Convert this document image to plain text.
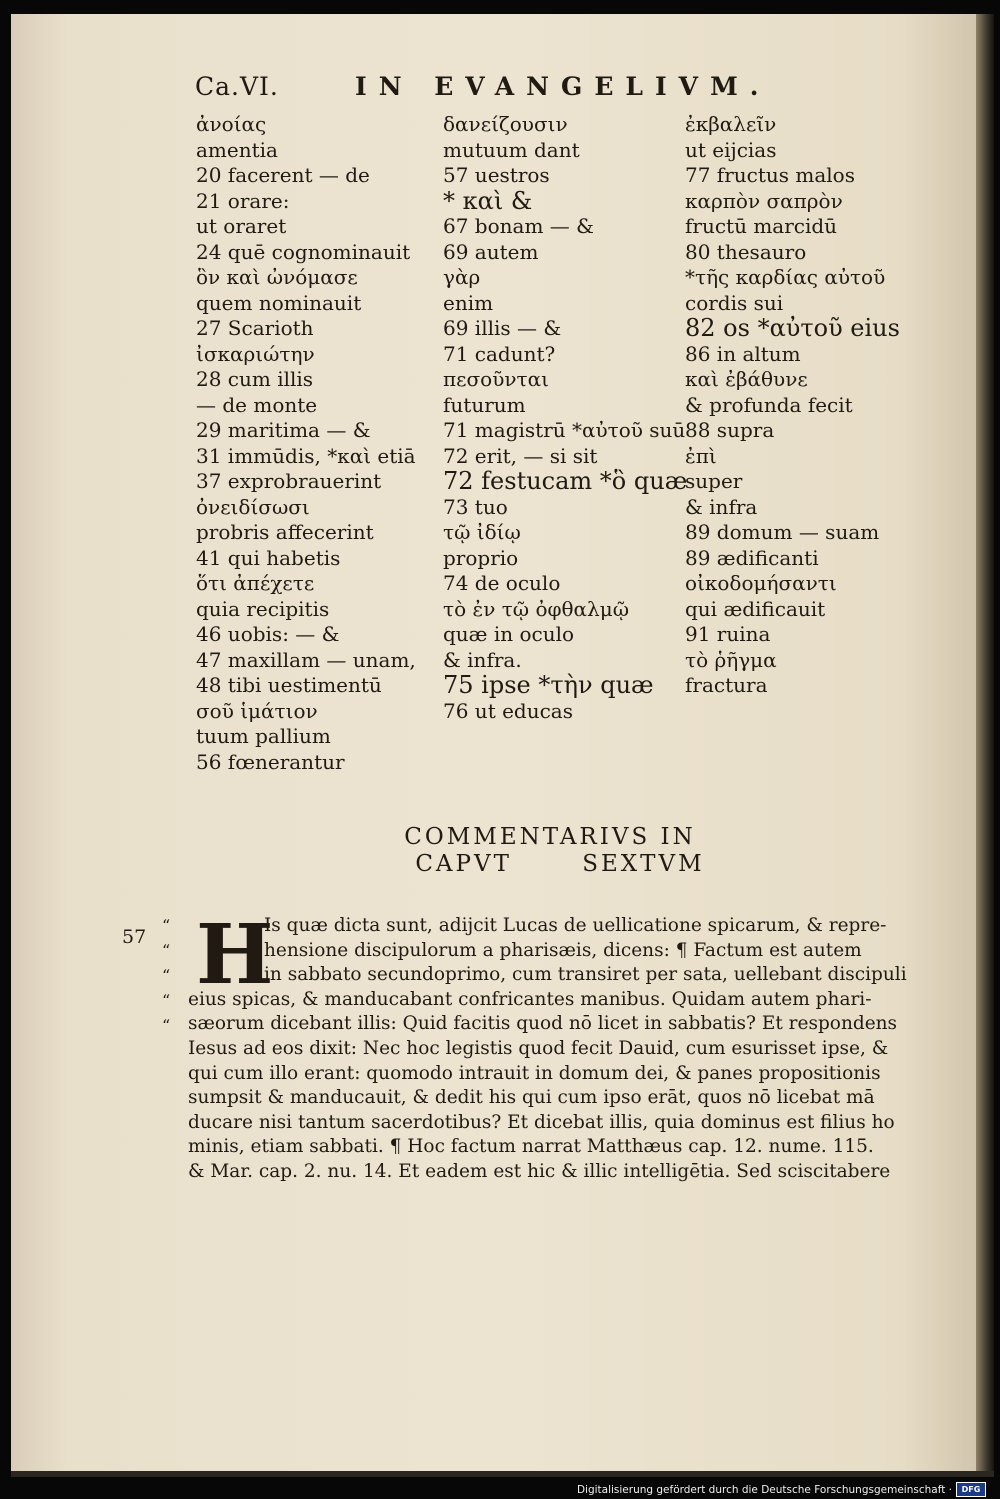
Ca.VI.	IN EVANGELIVM.
ἀνοίας
amentia
20 facerent — de
21 orare:
ut oraret
24 quē cognominauit
ὃν καὶ ὠνόμασε
quem nominauit
27 Scarioth
ἰσκαριώτην
28 cum illis
— de monte
29 maritima — &
31 immūdis, *καὶ etiā
37 exprobrauerint
ὀνειδίσωσι
probris affecerint
41 qui habetis
ὅτι ἀπέχετε
quia recipitis
46 uobis: — &
47 maxillam — unam,
48 tibi uestimentū
σοῦ ἱμάτιον
tuum pallium
56 fœnerantur
δανείζουσιν
mutuum dant
57 uestros
* καὶ &
67 bonam — &
69 autem
γὰρ
enim
69 illis — &
71 cadunt?
πεσοῦνται
futurum
71 magistrū *αὐτοῦ suū
72 erit, — si sit
72 festucam *ὃ quæ
73 tuo
τῷ ἰδίῳ
proprio
74 de oculo
τὸ ἐν τῷ ὀφθαλμῷ
quæ in oculo
& infra.
75 ipse *τὴν quæ
76 ut educas
ἐκβαλεῖν
ut eijcias
77 fructus malos
καρπὸν σαπρὸν
fructū marcidū
80 thesauro
*τῆς καρδίας αὐτοῦ
cordis sui
82 os *αὐτοῦ eius
86 in altum
καὶ ἐβάθυνε
& profunda fecit
88 supra
ἐπὶ
super
& infra
89 domum — suam
89 ædificanti
οἰκοδομήσαντι
qui ædificauit
91 ruina
τὸ ῥῆγμα
fractura
COMMENTARIVS IN
CAPVT SEXTVM
57
“
“
“
“
“
H
Is quæ dicta sunt, adijcit Lucas de uellicatione spicarum, & repre-
hensione discipulorum a pharisæis, dicens: ¶ Factum est autem
in sabbato secundoprimo, cum transiret per sata, uellebant discipuli
eius spicas, & manducabant confricantes manibus. Quidam autem phari-
sæorum dicebant illis: Quid facitis quod nō licet in sabbatis? Et respondens
Iesus ad eos dixit: Nec hoc legistis quod fecit Dauid, cum esurisset ipse, &
qui cum illo erant: quomodo intrauit in domum dei, & panes propositionis
sumpsit & manducauit, & dedit his qui cum ipso erāt, quos nō licebat mā
ducare nisi tantum sacerdotibus? Et dicebat illis, quia dominus est filius ho
minis, etiam sabbati. ¶ Hoc factum narrat Matthæus cap. 12. nume. 115.
& Mar. cap. 2. nu. 14. Et eadem est hic & illic intelligētia. Sed sciscitabere
Digitalisierung gefördert durch die Deutsche Forschungsgemeinschaft ·	DFG
